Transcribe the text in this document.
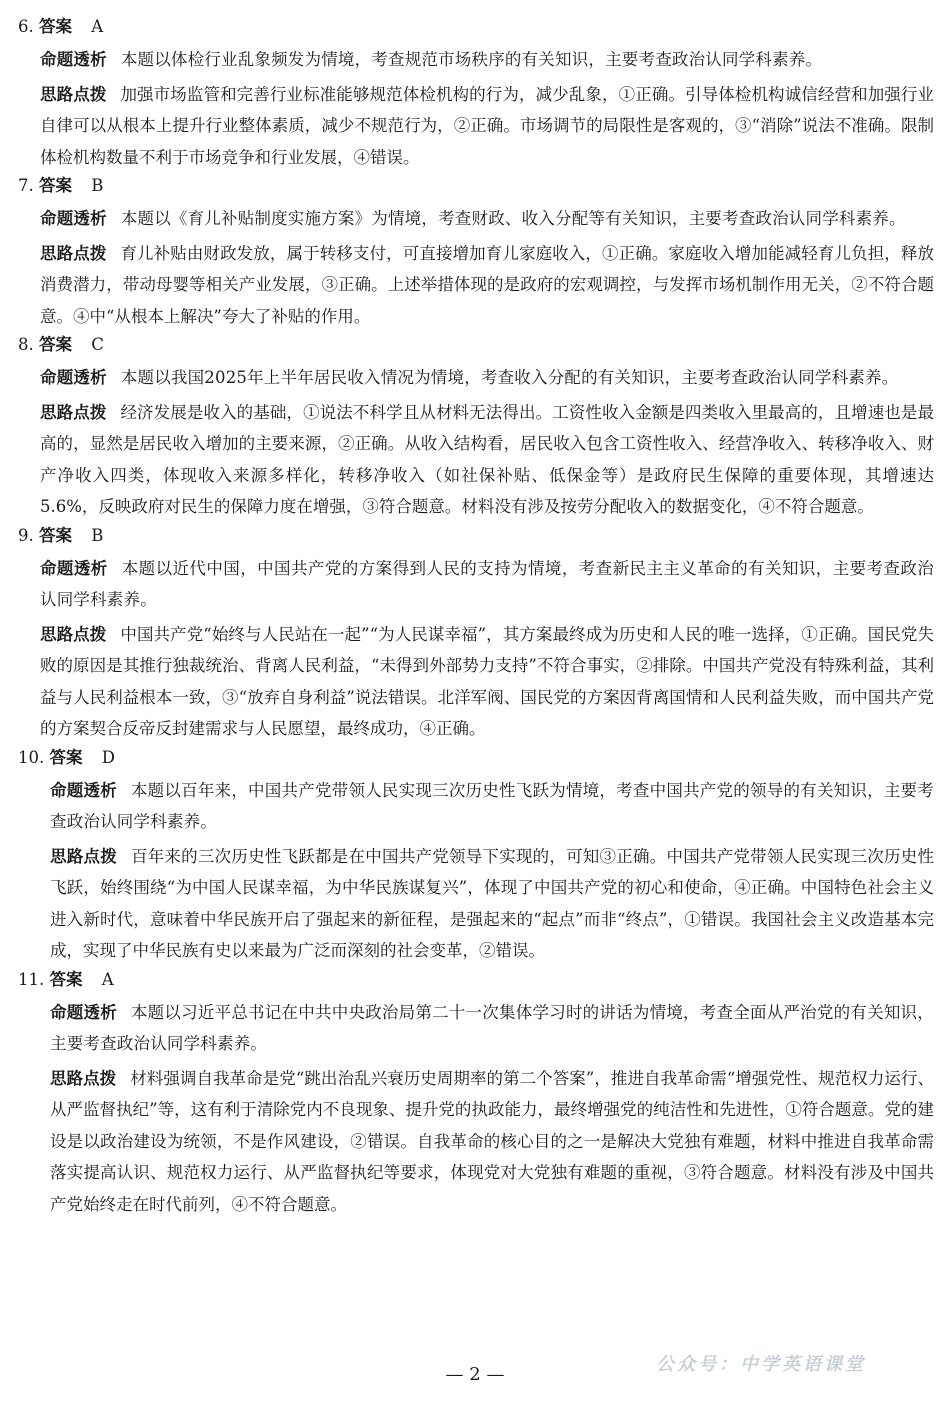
6. 答案 A
命题透析 本题以体检行业乱象频发为情境，考查规范市场秩序的有关知识，主要考查政治认同学科素养。
思路点拨 加强市场监管和完善行业标准能够规范体检机构的行为，减少乱象，①正确。引导体检机构诚信经营和加强行业自律可以从根本上提升行业整体素质，减少不规范行为，②正确。市场调节的局限性是客观的，③“消除”说法不准确。限制体检机构数量不利于市场竞争和行业发展，④错误。
7. 答案 B
命题透析 本题以《育儿补贴制度实施方案》为情境，考查财政、收入分配等有关知识，主要考查政治认同学科素养。
思路点拨 育儿补贴由财政发放，属于转移支付，可直接增加育儿家庭收入，①正确。家庭收入增加能减轻育儿负担，释放消费潜力，带动母婴等相关产业发展，③正确。上述举措体现的是政府的宏观调控，与发挥市场机制作用无关，②不符合题意。④中“从根本上解决”夸大了补贴的作用。
8. 答案 C
命题透析 本题以我国2025年上半年居民收入情况为情境，考查收入分配的有关知识，主要考查政治认同学科素养。
思路点拨 经济发展是收入的基础，①说法不科学且从材料无法得出。工资性收入金额是四类收入里最高的，且增速也是最高的，显然是居民收入增加的主要来源，②正确。从收入结构看，居民收入包含工资性收入、经营净收入、转移净收入、财产净收入四类，体现收入来源多样化，转移净收入（如社保补贴、低保金等）是政府民生保障的重要体现，其增速达5.6%，反映政府对民生的保障力度在增强，③符合题意。材料没有涉及按劳分配收入的数据变化，④不符合题意。
9. 答案 B
命题透析 本题以近代中国，中国共产党的方案得到人民的支持为情境，考查新民主主义革命的有关知识，主要考查政治认同学科素养。
思路点拨 中国共产党“始终与人民站在一起”“为人民谋幸福”，其方案最终成为历史和人民的唯一选择，①正确。国民党失败的原因是其推行独裁统治、背离人民利益，“未得到外部势力支持”不符合事实，②排除。中国共产党没有特殊利益，其利益与人民利益根本一致，③“放弃自身利益”说法错误。北洋军阀、国民党的方案因背离国情和人民利益失败，而中国共产党的方案契合反帝反封建需求与人民愿望，最终成功，④正确。
10. 答案 D
命题透析 本题以百年来，中国共产党带领人民实现三次历史性飞跃为情境，考查中国共产党的领导的有关知识，主要考查政治认同学科素养。
思路点拨 百年来的三次历史性飞跃都是在中国共产党领导下实现的，可知③正确。中国共产党带领人民实现三次历史性飞跃，始终围绕“为中国人民谋幸福，为中华民族谋复兴”，体现了中国共产党的初心和使命，④正确。中国特色社会主义进入新时代，意味着中华民族开启了强起来的新征程，是强起来的“起点”而非“终点”，①错误。我国社会主义改造基本完成，实现了中华民族有史以来最为广泛而深刻的社会变革，②错误。
11. 答案 A
命题透析 本题以习近平总书记在中共中央政治局第二十一次集体学习时的讲话为情境，考查全面从严治党的有关知识，主要考查政治认同学科素养。
思路点拨 材料强调自我革命是党“跳出治乱兴衰历史周期率的第二个答案”，推进自我革命需“增强党性、规范权力运行、从严监督执纪”等，这有利于清除党内不良现象、提升党的执政能力，最终增强党的纯洁性和先进性，①符合题意。党的建设是以政治建设为统领，不是作风建设，②错误。自我革命的核心目的之一是解决大党独有难题，材料中推进自我革命需落实提高认识、规范权力运行、从严监督执纪等要求，体现党对大党独有难题的重视，③符合题意。材料没有涉及中国共产党始终走在时代前列，④不符合题意。
公众号：中学英语课堂
— 2 —
